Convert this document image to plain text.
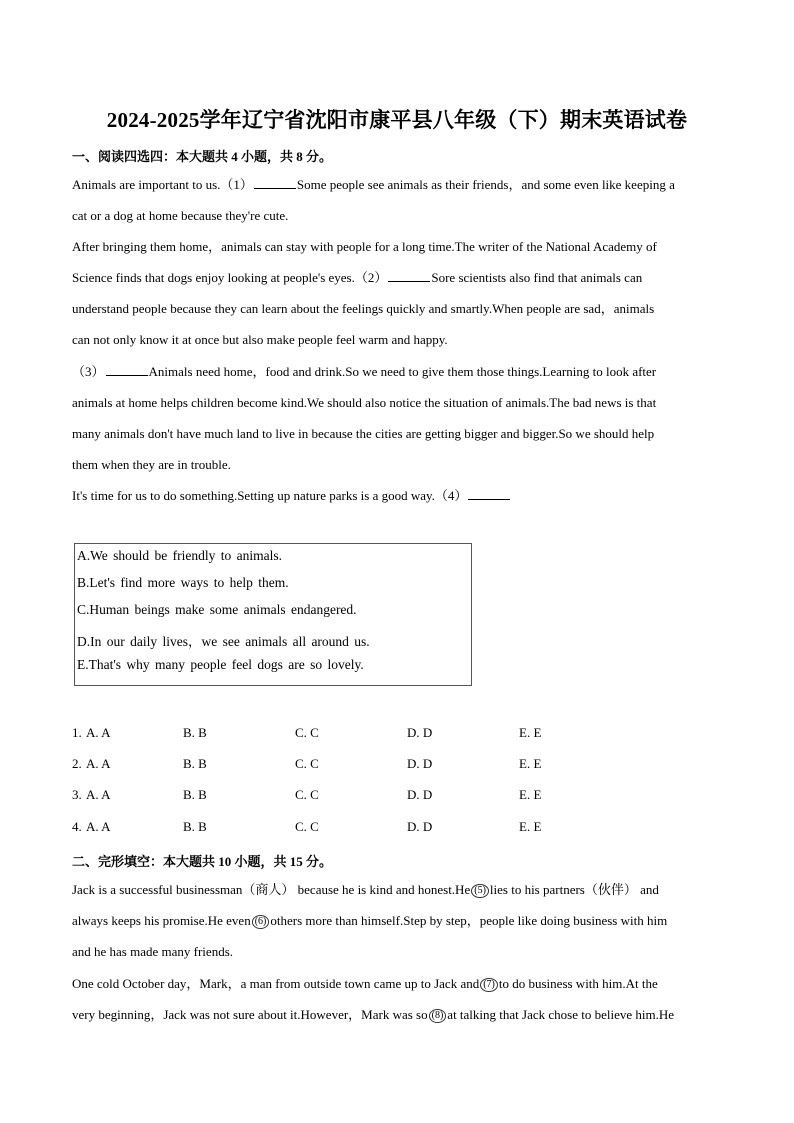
2024-2025学年辽宁省沈阳市康平县八年级（下）期末英语试卷
一、阅读四选四：本大题共 4 小题，共 8 分。
Animals are important to us.（1）	Some people see animals as their friends，and some even like keeping a
cat or a dog at home because they're cute.
After bringing them home，animals can stay with people for a long time.The writer of the National Academy of
Science finds that dogs enjoy looking at people's eyes.（2）	Sore scientists also find that animals can
understand people because they can learn about the feelings quickly and smartly.When people are sad，animals
can not only know it at once but also make people feel warm and happy.
（3）	Animals need home，food and drink.So we need to give them those things.Learning to look after
animals at home helps children become kind.We should also notice the situation of animals.The bad news is that
many animals don't have much land to live in because the cities are getting bigger and bigger.So we should help
them when they are in trouble.
It's time for us to do something.Setting up nature parks is a good way.（4）
A.We should be friendly to animals.
B.Let's find more ways to help them.
C.Human beings make some animals endangered.
D.In our daily lives，we see animals all around us.
E.That's why many people feel dogs are so lovely.
1. A. A	B. B	C. C	D. D	E. E
2. A. A	B. B	C. C	D. D	E. E
3. A. A	B. B	C. C	D. D	E. E
4. A. A	B. B	C. C	D. D	E. E
二、完形填空：本大题共 10 小题，共 15 分。
Jack is a successful businessman（商人） because he is kind and honest.He (5) lies to his partners（伙伴） and
always keeps his promise.He even (6) others more than himself.Step by step，people like doing business with him
and he has made many friends.
One cold October day，Mark，a man from outside town came up to Jack and (7) to do business with him.At the
very beginning，Jack was not sure about it.However，Mark was so (8) at talking that Jack chose to believe him.He
